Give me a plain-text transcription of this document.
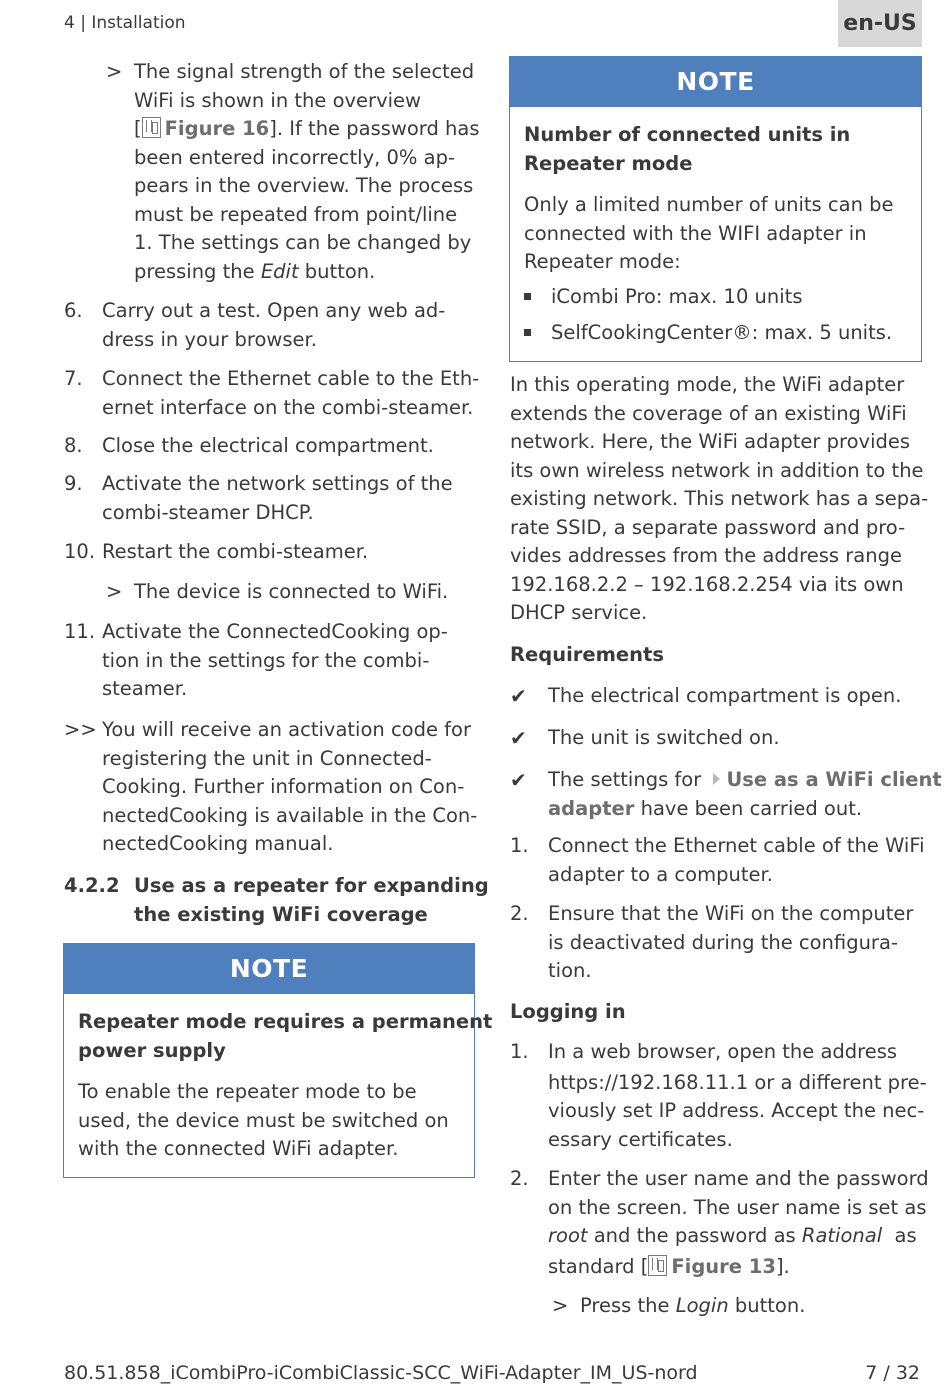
4 | Installation	en-US
> The signal strength of the selected
WiFi is shown in the overview
[ Figure 16]. If the password has
been entered incorrectly, 0% ap-
pears in the overview. The process
must be repeated from point/line
1. The settings can be changed by
pressing the Edit button.
6. Carry out a test. Open any web ad-
dress in your browser.
7. Connect the Ethernet cable to the Eth-
ernet interface on the combi-steamer.
8. Close the electrical compartment.
9. Activate the network settings of the
combi-steamer DHCP.
10. Restart the combi-steamer.
> The device is connected to WiFi.
11. Activate the ConnectedCooking op-
tion in the settings for the combi-
steamer.
>> You will receive an activation code for
registering the unit in Connected-
Cooking. Further information on Con-
nectedCooking is available in the Con-
nectedCooking manual.
4.2.2 Use as a repeater for expanding
the existing WiFi coverage
NOTE
Repeater mode requires a permanent
power supply
To enable the repeater mode to be
used, the device must be switched on
with the connected WiFi adapter.
NOTE
Number of connected units in
Repeater mode
Only a limited number of units can be
connected with the WIFI adapter in
Repeater mode:
iCombi Pro: max. 10 units
SelfCookingCenter®: max. 5 units.
In this operating mode, the WiFi adapter
extends the coverage of an existing WiFi
network. Here, the WiFi adapter provides
its own wireless network in addition to the
existing network. This network has a sepa-
rate SSID, a separate password and pro-
vides addresses from the address range
192.168.2.2 – 192.168.2.254 via its own
DHCP service.
Requirements
✔ The electrical compartment is open.
✔ The unit is switched on.
✔ The settings for Use as a WiFi client
adapter have been carried out.
1. Connect the Ethernet cable of the WiFi
adapter to a computer.
2. Ensure that the WiFi on the computer
is deactivated during the configura-
tion.
Logging in
1. In a web browser, open the address
https://192.168.11.1 or a different pre-
viously set IP address. Accept the nec-
essary certificates.
2. Enter the user name and the password
on the screen. The user name is set as
root and the password as Rational  as
standard [ Figure 13].
> Press the Login button.
80.51.858_iCombiPro-iCombiClassic-SCC_WiFi-Adapter_IM_US-nord	7 / 32
